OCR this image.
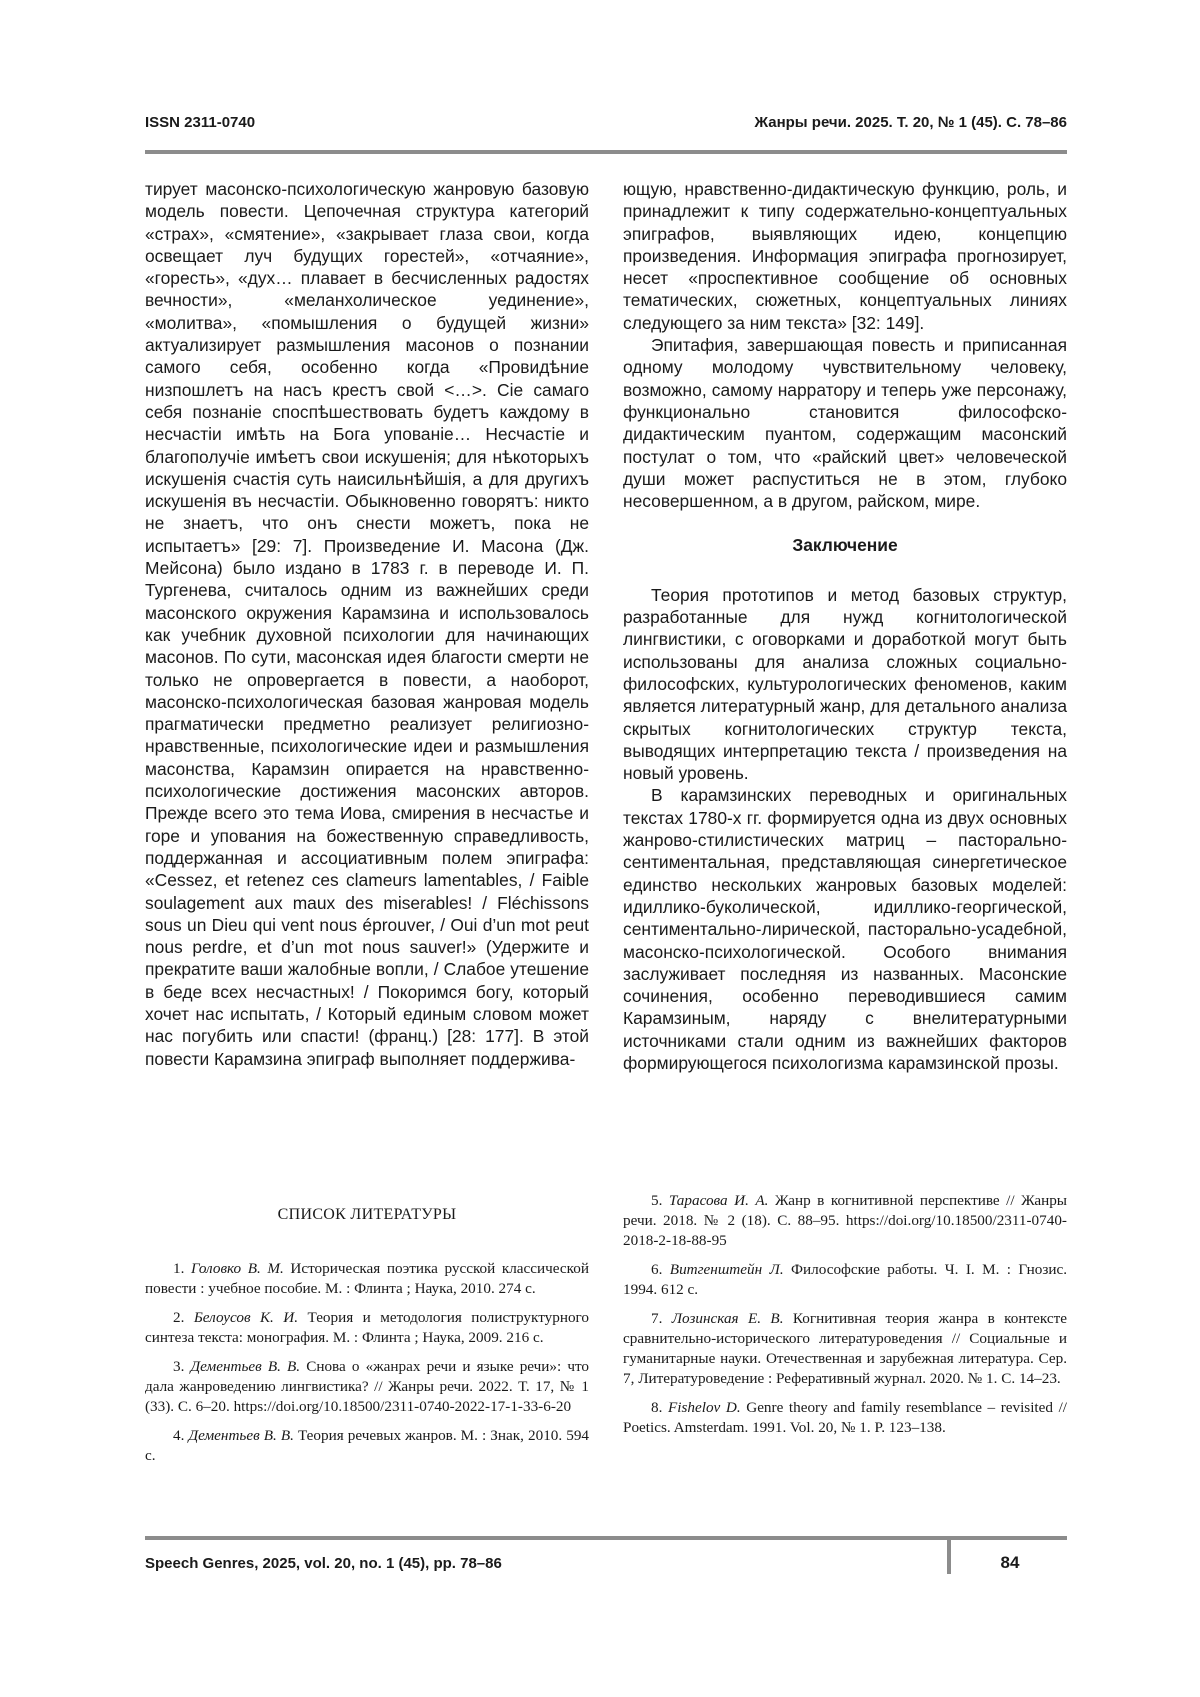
ISSN 2311-0740	Жанры речи. 2025. Т. 20, № 1 (45). С. 78–86

тирует масонско-психологическую жанровую базовую модель повести. Цепочечная структура категорий «страх», «смятение», «закрывает глаза свои, когда освещает луч будущих горестей», «отчаяние», «горесть», «дух… плавает в бесчисленных радостях вечности», «меланхолическое уединение», «молитва», «помышления о будущей жизни» актуализирует размышления масонов о познании самого себя, особенно когда «Провидѣние низпошлетъ на насъ крестъ свой <…>. Сіе самаго себя познаніе споспѣшествовать будетъ каждому в несчастіи имѣть на Бога упованіе… Несчастіе и благополучіе имѣетъ свои искушенія; для нѣкоторыхъ искушенія счастія суть наисильнѣйшія, а для другихъ искушенія въ несчастіи. Обыкновенно говорятъ: никто не знаетъ, что онъ снести можетъ, пока не испытаетъ» [29: 7]. Произведение И. Масона (Дж. Мейсона) было издано в 1783 г. в переводе И. П. Тургенева, считалось одним из важнейших среди масонского окружения Карамзина и использовалось как учебник духовной психологии для начинающих масонов. По сути, масонская идея благости смерти не только не опровергается в повести, а наоборот, масонско-психологическая базовая жанровая модель прагматически предметно реализует религиозно-нравственные, психологические идеи и размышления масонства, Карамзин опирается на нравственно-психологические достижения масонских авторов. Прежде всего это тема Иова, смирения в несчастье и горе и упования на божественную справедливость, поддержанная и ассоциативным полем эпиграфа: «Cessez, et retenez ces clameurs lamentables, / Faible soulagement aux maux des miserables! / Fléchissons sous un Dieu qui vent nous éprouver, / Oui d’un mot peut nous perdre, et d’un mot nous sauver!» (Удержите и прекратите ваши жалобные вопли, / Слабое утешение в беде всех несчастных! / Покоримся богу, который хочет нас испытать, / Который единым словом может нас погубить или спасти! (франц.) [28: 177]. В этой повести Карамзина эпиграф выполняет поддержива-

ющую, нравственно-дидактическую функцию, роль, и принадлежит к типу содержательно-концептуальных эпиграфов, выявляющих идею, концепцию произведения. Информация эпиграфа прогнозирует, несет «проспективное сообщение об основных тематических, сюжетных, концептуальных линиях следующего за ним текста» [32: 149].

Эпитафия, завершающая повесть и приписанная одному молодому чувствительному человеку, возможно, самому нарратору и теперь уже персонажу, функционально становится философско-дидактическим пуантом, содержащим масонский постулат о том, что «райский цвет» человеческой души может распуститься не в этом, глубоко несовершенном, а в другом, райском, мире.

Заключение

Теория прототипов и метод базовых структур, разработанные для нужд когнитологической лингвистики, с оговорками и доработкой могут быть использованы для анализа сложных социально-философских, культурологических феноменов, каким является литературный жанр, для детального анализа скрытых когнитологических структур текста, выводящих интерпретацию текста / произведения на новый уровень.

В карамзинских переводных и оригинальных текстах 1780-х гг. формируется одна из двух основных жанрово-стилистических матриц – пасторально-сентиментальная, представляющая синергетическое единство нескольких жанровых базовых моделей: идиллико-буколической, идиллико-георгической, сентиментально-лирической, пасторально-усадебной, масонско-психологической. Особого внимания заслуживает последняя из названных. Масонские сочинения, особенно переводившиеся самим Карамзиным, наряду с внелитературными источниками стали одним из важнейших факторов формирующегося психологизма карамзинской прозы.

СПИСОК ЛИТЕРАТУРЫ

1. Головко В. М. Историческая поэтика русской классической повести : учебное пособие. М. : Флинта ; Наука, 2010. 274 с.

2. Белоусов К. И. Теория и методология полиструктурного синтеза текста: монография. М. : Флинта ; Наука, 2009. 216 с.

3. Дементьев В. В. Снова о «жанрах речи и языке речи»: что дала жанроведению лингвистика? // Жанры речи. 2022. Т. 17, № 1 (33). С. 6–20. https://doi.org/10.18500/2311-0740-2022-17-1-33-6-20

4. Дементьев В. В. Теория речевых жанров. М. : Знак, 2010. 594 с.

5. Тарасова И. А. Жанр в когнитивной перспективе // Жанры речи. 2018. № 2 (18). С. 88–95. https://doi.org/10.18500/2311-0740-2018-2-18-88-95

6. Витгенштейн Л. Философские работы. Ч. I. М. : Гнозис. 1994. 612 с.

7. Лозинская Е. В. Когнитивная теория жанра в контексте сравнительно-исторического литературоведения // Социальные и гуманитарные науки. Отечественная и зарубежная литература. Сер. 7, Литературоведение : Реферативный журнал. 2020. № 1. С. 14–23.

8. Fishelov D. Genre theory and family resemblance – revisited // Poetics. Amsterdam. 1991. Vol. 20, № 1. P. 123–138.

Speech Genres, 2025, vol. 20, no. 1 (45), pp. 78–86	84
